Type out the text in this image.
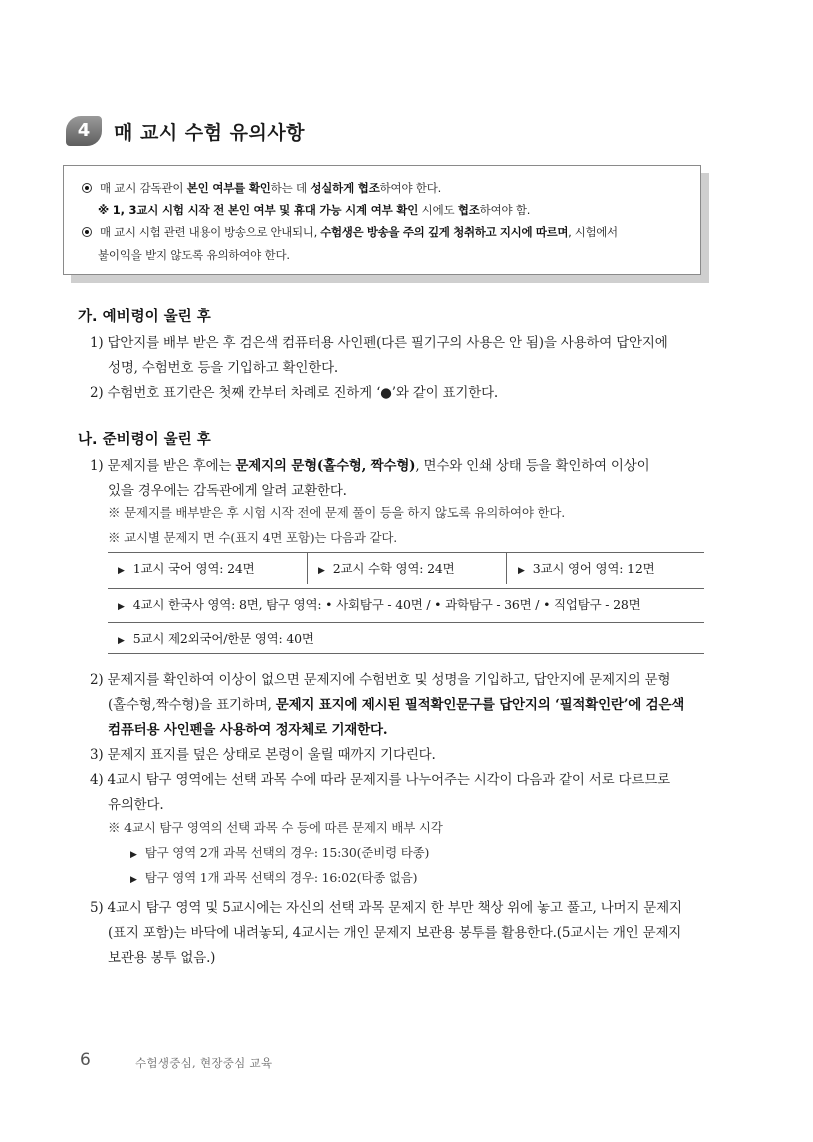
4	매 교시 수험 유의사항
매 교시 감독관이 본인 여부를 확인하는 데 성실하게 협조하여야 한다.
※ 1, 3교시 시험 시작 전 본인 여부 및 휴대 가능 시계 여부 확인 시에도 협조하여야 함.
매 교시 시험 관련 내용이 방송으로 안내되니, 수험생은 방송을 주의 깊게 청취하고 지시에 따르며, 시험에서
불이익을 받지 않도록 유의하여야 한다.
가. 예비령이 울린 후
1) 답안지를 배부 받은 후 검은색 컴퓨터용 사인펜(다른 필기구의 사용은 안 됨)을 사용하여 답안지에
성명, 수험번호 등을 기입하고 확인한다.
2) 수험번호 표기란은 첫째 칸부터 차례로 진하게 ‘●’와 같이 표기한다.
나. 준비령이 울린 후
1) 문제지를 받은 후에는 문제지의 문형(홀수형, 짝수형), 면수와 인쇄 상태 등을 확인하여 이상이
있을 경우에는 감독관에게 알려 교환한다.
※ 문제지를 배부받은 후 시험 시작 전에 문제 풀이 등을 하지 않도록 유의하여야 한다.
※ 교시별 문제지 면 수(표지 4면 포함)는 다음과 같다.
▶ 1교시 국어 영역: 24면	▶ 2교시 수학 영역: 24면	▶ 3교시 영어 영역: 12면
▶ 4교시 한국사 영역: 8면, 탐구 영역: • 사회탐구 - 40면 / • 과학탐구 - 36면 / • 직업탐구 - 28면
▶ 5교시 제2외국어/한문 영역: 40면
2) 문제지를 확인하여 이상이 없으면 문제지에 수험번호 및 성명을 기입하고, 답안지에 문제지의 문형
(홀수형,짝수형)을 표기하며, 문제지 표지에 제시된 필적확인문구를 답안지의 ‘필적확인란’에 검은색
컴퓨터용 사인펜을 사용하여 정자체로 기재한다.
3) 문제지 표지를 덮은 상태로 본령이 울릴 때까지 기다린다.
4) 4교시 탐구 영역에는 선택 과목 수에 따라 문제지를 나누어주는 시각이 다음과 같이 서로 다르므로
유의한다.
※ 4교시 탐구 영역의 선택 과목 수 등에 따른 문제지 배부 시각
▶ 탐구 영역 2개 과목 선택의 경우: 15:30(준비령 타종)
▶ 탐구 영역 1개 과목 선택의 경우: 16:02(타종 없음)
5) 4교시 탐구 영역 및 5교시에는 자신의 선택 과목 문제지 한 부만 책상 위에 놓고 풀고, 나머지 문제지
(표지 포함)는 바닥에 내려놓되, 4교시는 개인 문제지 보관용 봉투를 활용한다.(5교시는 개인 문제지
보관용 봉투 없음.)
6	수험생중심, 현장중심 교육
